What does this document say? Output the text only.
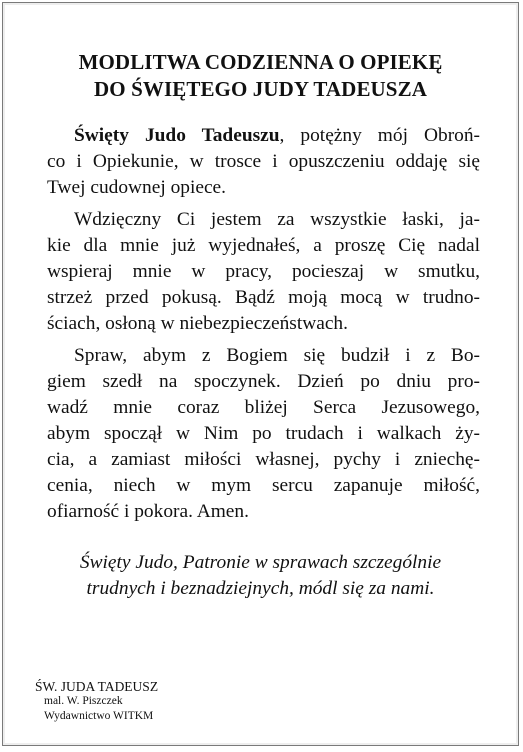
MODLITWA CODZIENNA O OPIEKĘ
DO ŚWIĘTEGO JUDY TADEUSZA
Święty Judo Tadeuszu, potężny mój Obroń-
co i Opiekunie, w trosce i opuszczeniu oddaję się
Twej cudownej opiece.
Wdzięczny Ci jestem za wszystkie łaski, ja-
kie dla mnie już wyjednałeś, a proszę Cię nadal
wspieraj mnie w pracy, pocieszaj w smutku,
strzeż przed pokusą. Bądź moją mocą w trudno-
ściach, osłoną w niebezpieczeństwach.
Spraw, abym z Bogiem się budził i z Bo-
giem szedł na spoczynek. Dzień po dniu pro-
wadź mnie coraz bliżej Serca Jezusowego,
abym spoczął w Nim po trudach i walkach ży-
cia, a zamiast miłości własnej, pychy i zniechę-
cenia, niech w mym sercu zapanuje miłość,
ofiarność i pokora. Amen.
Święty Judo, Patronie w sprawach szczególnie
trudnych i beznadziejnych, módl się za nami.
ŚW. JUDA TADEUSZ
mal. W. Piszczek
Wydawnictwo WITKM
